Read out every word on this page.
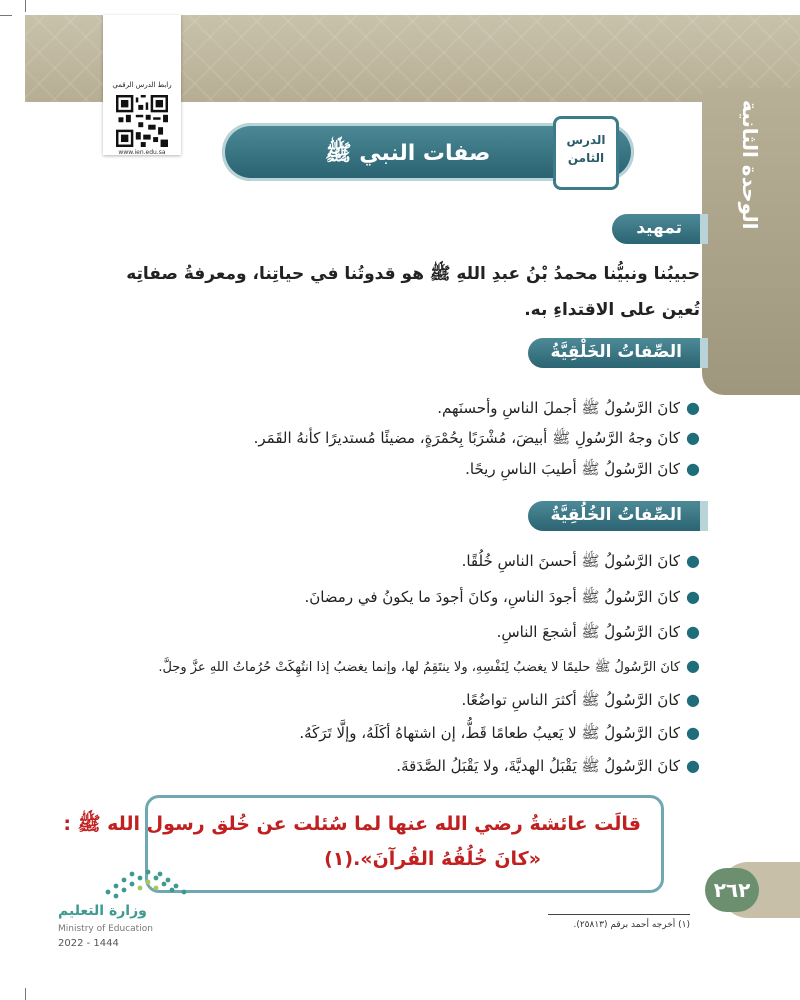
رابط الدرس الرقمي
www.ien.edu.sa	الوحدة الثانية
صفات النبي ﷺ
الدرس
الثامن
تمهيد
حبيبُنا ونبيُّنا محمدُ بْنُ عبدِ اللهِ ﷺ هو قدوتُنا في حياتِنا، ومعرفةُ صفاتِه تُعين على الاقتداءِ به.
الصِّفاتُ الخَلْقِيَّةُ
●كانَ الرَّسُولُ ﷺ أجملَ الناسِ وأحسنَهم.
●كانَ وجهُ الرَّسُولِ ﷺ أبيضَ، مُشْرَبًا بِحُمْرَةٍ، مضيئًا مُستديرًا كأنهُ القَمَر.
●كانَ الرَّسُولُ ﷺ أطيبَ الناسِ ريحًا.
الصِّفاتُ الخُلُقِيَّةُ
●كانَ الرَّسُولُ ﷺ أحسنَ الناسِ خُلُقًا.
●كانَ الرَّسُولُ ﷺ أجودَ الناسِ، وكانَ أجودَ ما يكونُ في رمضانَ.
●كانَ الرَّسُولُ ﷺ أشجعَ الناسِ.
●كانَ الرَّسُولُ ﷺ حليمًا لا يغضبُ لِنَفْسِهِ، ولا ينتَقِمُ لها، وإنما يغضبُ إذا انتُهِكَتْ حُرُماتُ اللهِ عزَّ وجلَّ.
●كانَ الرَّسُولُ ﷺ أكثرَ الناسِ تواضُعًا.
●كانَ الرَّسُولُ ﷺ لا يَعيبُ طعامًا قَطُّ، إن اشتهاهُ أكَلَهُ، وإلَّا تَرَكَهُ.
●كانَ الرَّسُولُ ﷺ يَقْبَلُ الهديَّةَ، ولا يَقْبَلُ الصَّدَقةَ.
قالَت عائشةُ رضي الله عنها لما سُئلت عن خُلق رسول الله ﷺ :
«كانَ خُلُقُهُ القُرآنَ».(١)
٢٦٢
(١) أخرجه أحمد برقم (٢٥٨١٣).
وزارة التعليم
Ministry of Education
2022 - 1444
